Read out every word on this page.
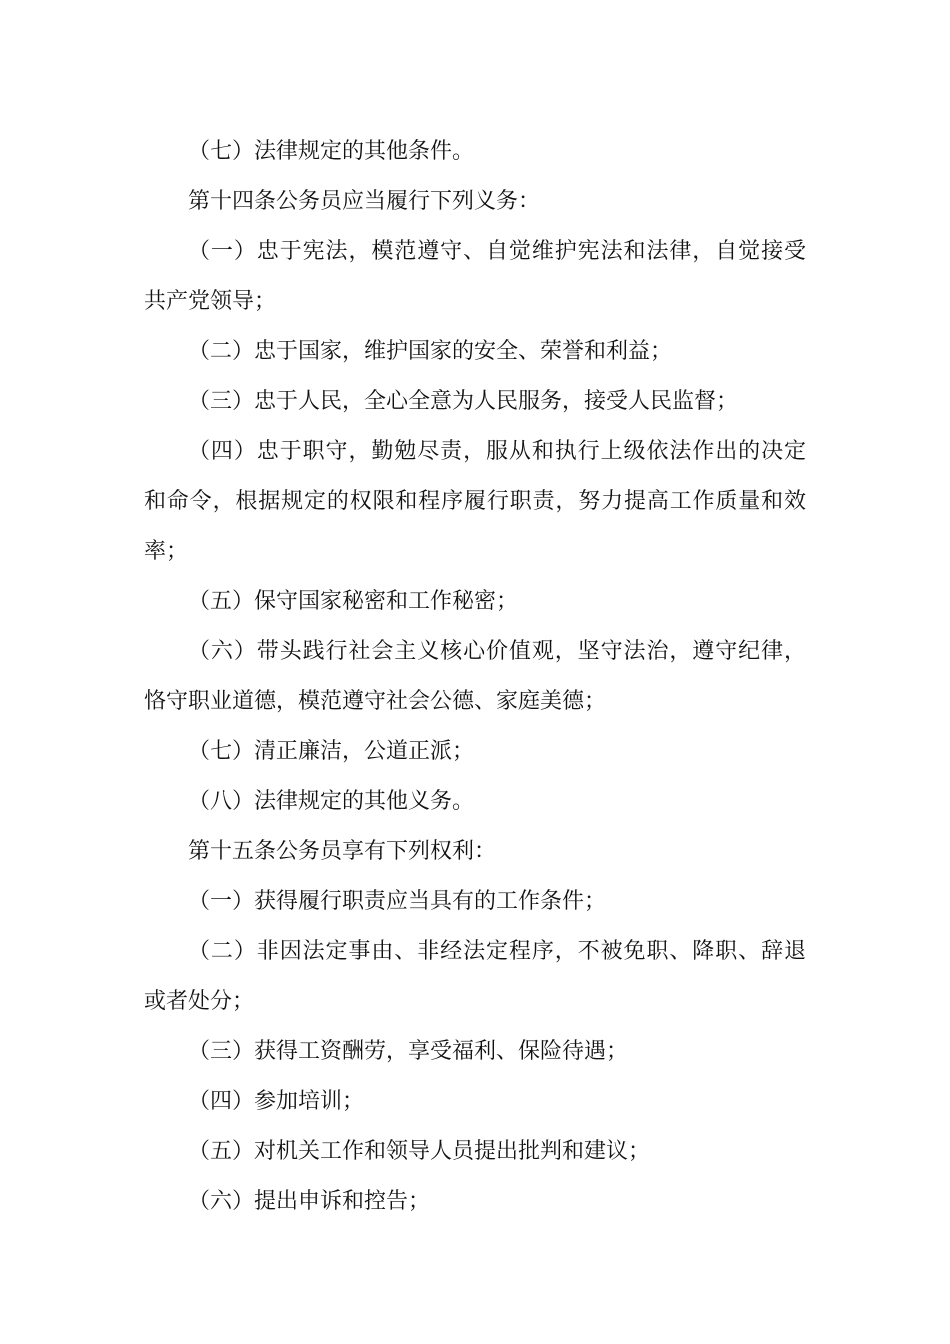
（七）法律规定的其他条件。
第十四条公务员应当履行下列义务：
（一）忠于宪法，模范遵守、自觉维护宪法和法律，自觉接受
共产党领导；
（二）忠于国家，维护国家的安全、荣誉和利益；
（三）忠于人民，全心全意为人民服务，接受人民监督；
（四）忠于职守，勤勉尽责，服从和执行上级依法作出的决定
和命令，根据规定的权限和程序履行职责，努力提高工作质量和效
率；
（五）保守国家秘密和工作秘密；
（六）带头践行社会主义核心价值观，坚守法治，遵守纪律，
恪守职业道德，模范遵守社会公德、家庭美德；
（七）清正廉洁，公道正派；
（八）法律规定的其他义务。
第十五条公务员享有下列权利：
（一）获得履行职责应当具有的工作条件；
（二）非因法定事由、非经法定程序，不被免职、降职、辞退
或者处分；
（三）获得工资酬劳，享受福利、保险待遇；
（四）参加培训；
（五）对机关工作和领导人员提出批判和建议；
（六）提出申诉和控告；
